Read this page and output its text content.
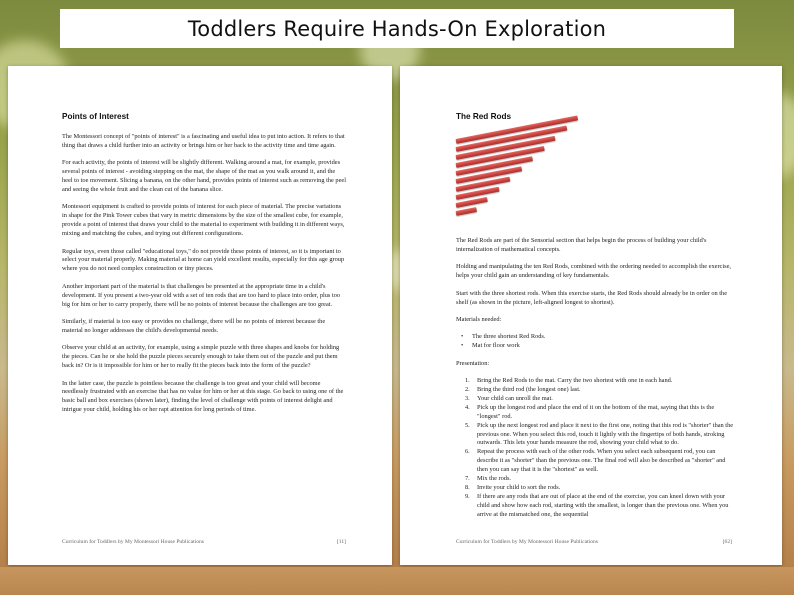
Toddlers Require Hands-On Exploration
Points of Interest

The Montessori concept of "points of interest" is a fascinating and useful idea to put into action. It refers to that thing that draws a child further into an activity or brings him or her back to the activity time and time again.

For each activity, the points of interest will be slightly different. Walking around a mat, for example, provides several points of interest - avoiding stepping on the mat, the shape of the mat as you walk around it, and the heel to toe movement. Slicing a banana, on the other hand, provides points of interest such as removing the peel and seeing the whole fruit and the clean cut of the banana slice.

Montessori equipment is crafted to provide points of interest for each piece of material. The precise variations in shape for the Pink Tower cubes that vary in metric dimensions by the size of the smallest cube, for example, provide a point of interest that draws your child to the material to experiment with building it in different ways, mixing and matching the cubes, and trying out different configurations.

Regular toys, even those called "educational toys," do not provide these points of interest, so it is important to select your material properly. Making material at home can yield excellent results, especially for this age group where you do not need complex construction or tiny pieces.

Another important part of the material is that challenges be presented at the appropriate time in a child's development. If you present a two-year old with a set of ten rods that are too hard to place into order, plus too big for him or her to carry properly, there will be no points of interest because the challenges are too great.

Similarly, if material is too easy or provides no challenge, there will be no points of interest because the material no longer addresses the child's developmental needs.

Observe your child at an activity, for example, using a simple puzzle with three shapes and knobs for holding the pieces. Can he or she hold the puzzle pieces securely enough to take them out of the puzzle and put them back in? Or is it impossible for him or her to really fit the pieces back into the form of the puzzle?

In the latter case, the puzzle is pointless because the challenge is too great and your child will become needlessly frustrated with an exercise that has no value for him or her at this stage. Go back to using one of the basic ball and box exercises (shown later), finding the level of challenge with points of interest delight and intrigue your child, holding his or her rapt attention for long periods of time.

Curriculum for Toddlers by My Montessori House Publications	[11]
The Red Rods

The Red Rods are part of the Sensorial section that helps begin the process of building your child's internalization of mathematical concepts.

Holding and manipulating the ten Red Rods, combined with the ordering needed to accomplish the exercise, helps your child gain an understanding of key fundamentals.

Start with the three shortest rods. When this exercise starts, the Red Rods should already be in order on the shelf (as shown in the picture, left-aligned longest to shortest).

Materials needed:

• The three shortest Red Rods.
• Mat for floor work

Presentation:

1. Bring the Red Rods to the mat. Carry the two shortest with one in each hand.
2. Bring the third rod (the longest one) last.
3. Your child can unroll the mat.
4. Pick up the longest rod and place the end of it on the bottom of the mat, saying that this is the "longest" rod.
5. Pick up the next longest rod and place it next to the first one, noting that this rod is "shorter" than the previous one. When you select this rod, touch it lightly with the fingertips of both hands, stroking outwards. This lets your hands measure the rod, showing your child what to do.
6. Repeat the process with each of the other rods. When you select each subsequent rod, you can describe it as "shorter" than the previous one. The final rod will also be described as "shorter" and then you can say that it is the "shortest" as well.
7. Mix the rods.
8. Invite your child to sort the rods.
9. If there are any rods that are out of place at the end of the exercise, you can kneel down with your child and show how each rod, starting with the smallest, is longer than the previous one. When you arrive at the mismatched one, the sequential
Curriculum for Toddlers by My Montessori House Publications	[62]
